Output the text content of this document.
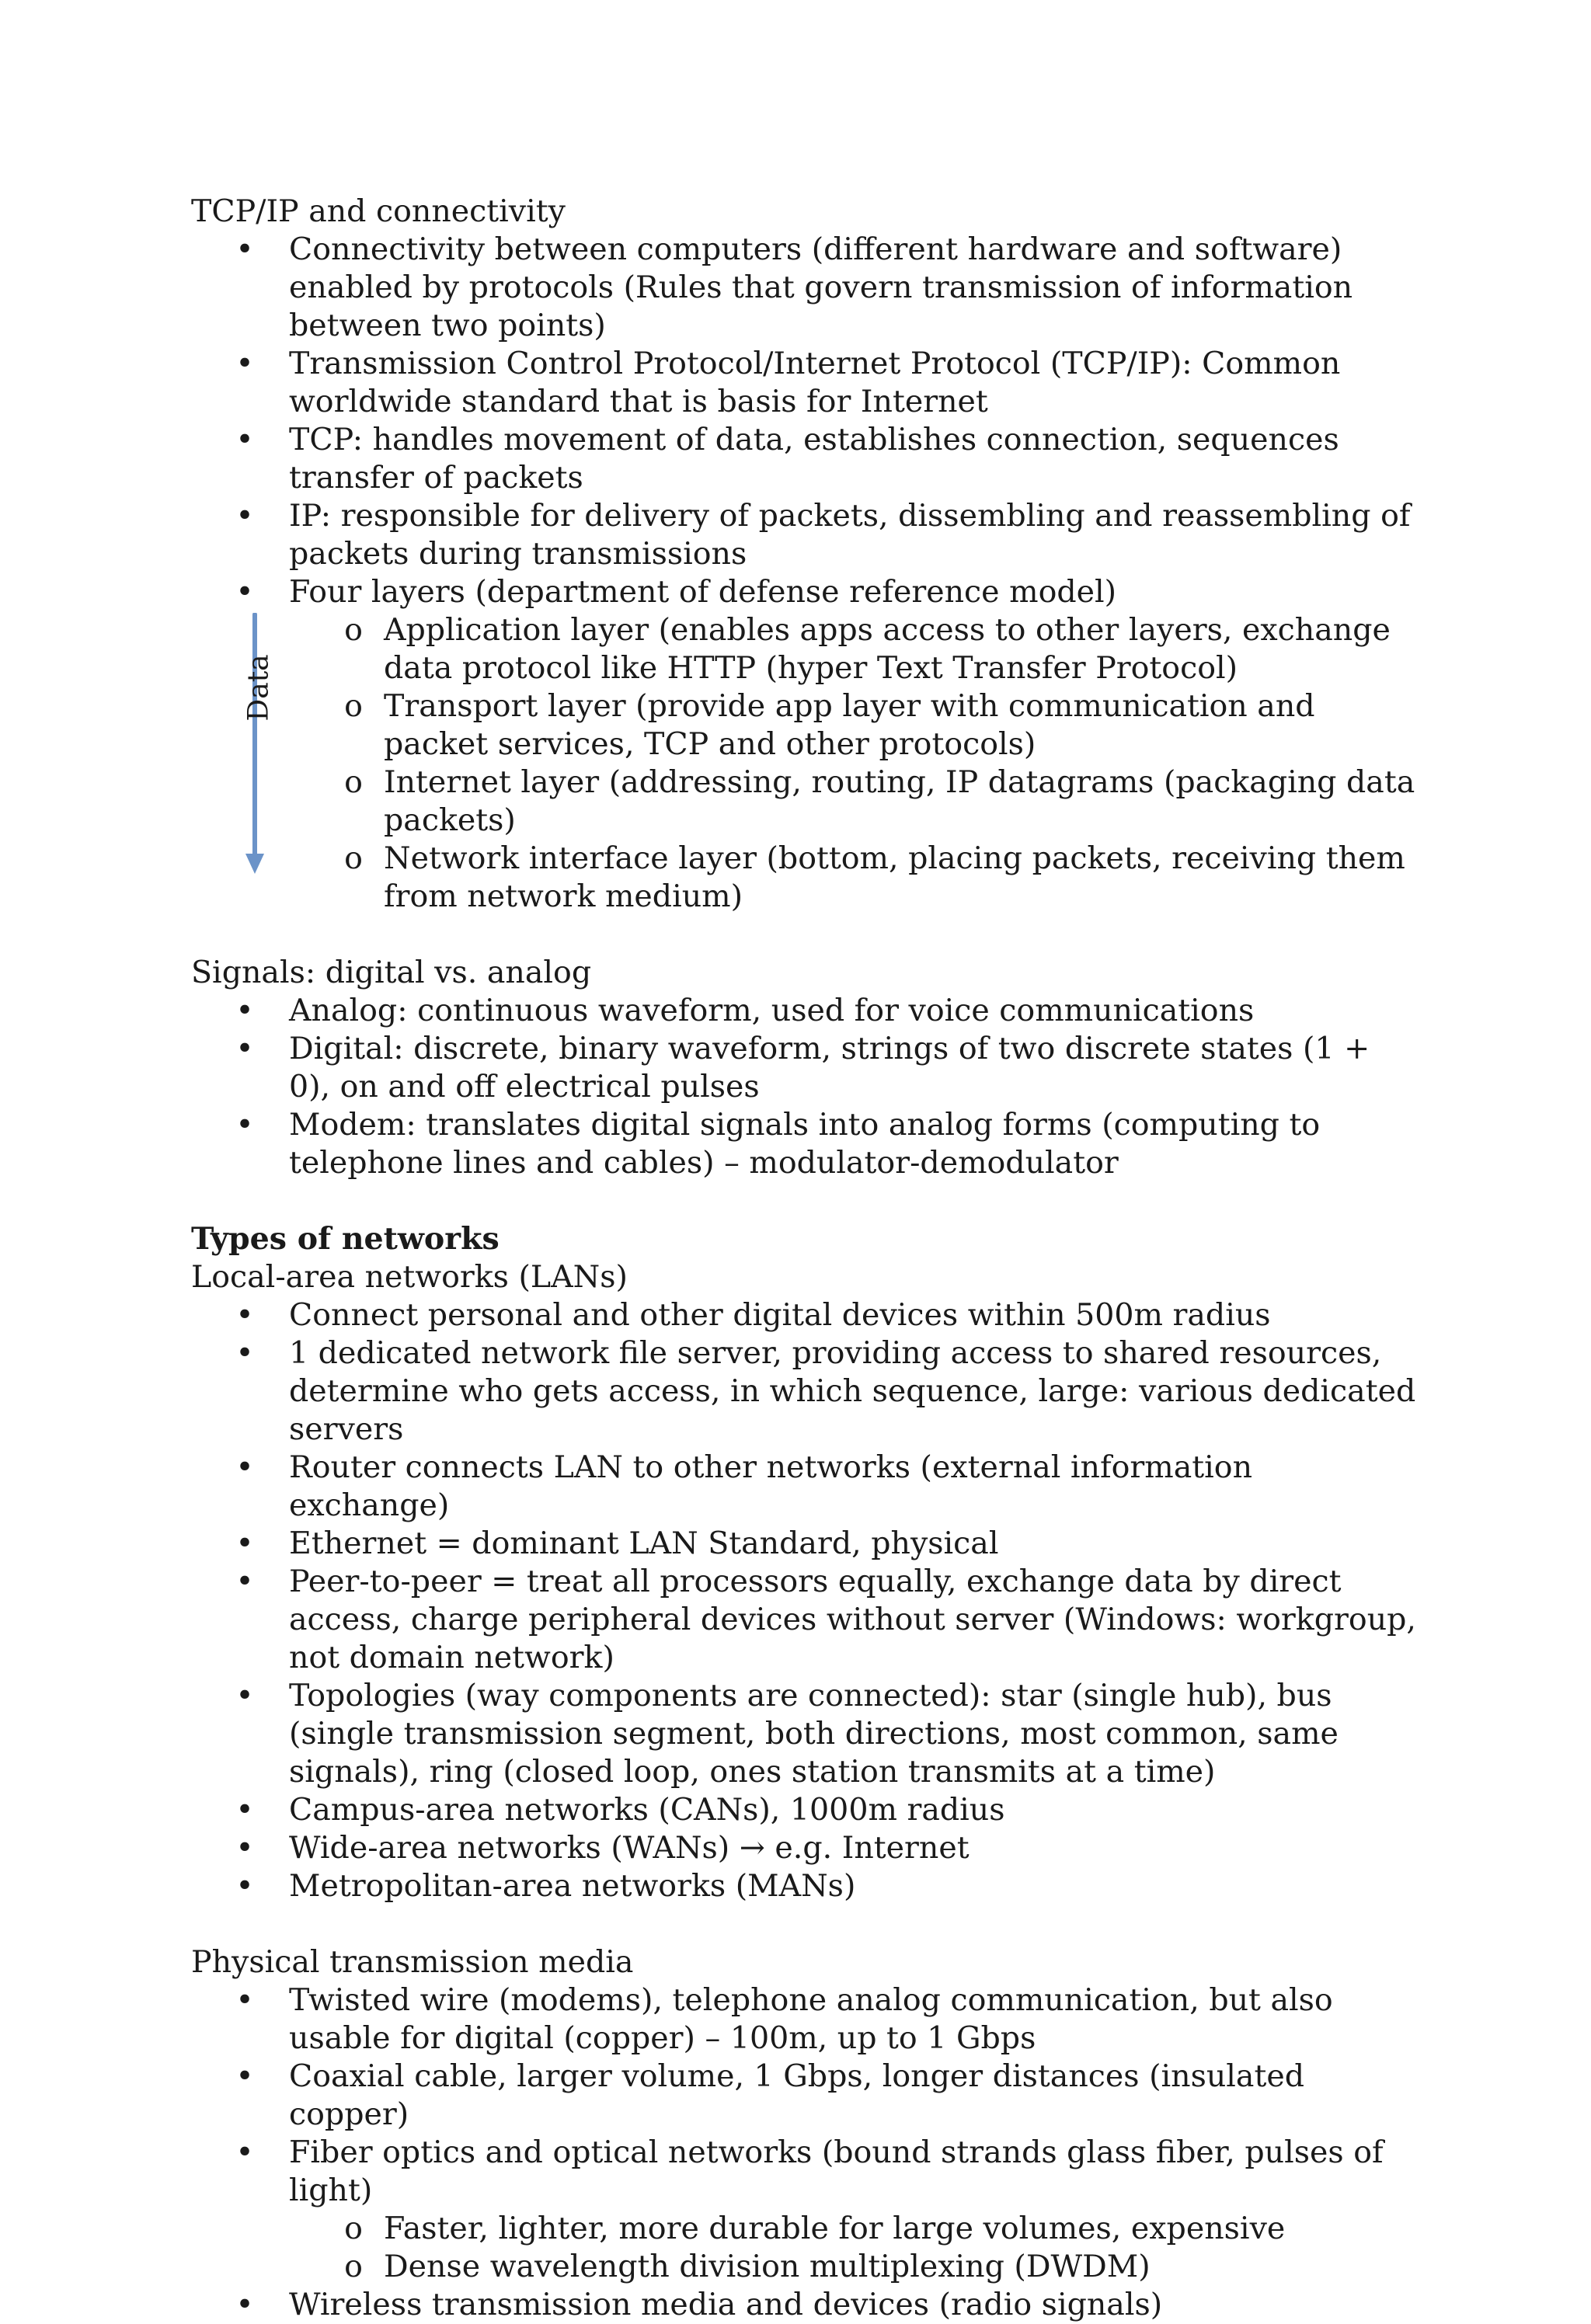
TCP/IP and connectivity

• Connectivity between computers (different hardware and software) enabled by protocols (Rules that govern transmission of information between two points)
• Transmission Control Protocol/Internet Protocol (TCP/IP): Common worldwide standard that is basis for Internet
• TCP: handles movement of data, establishes connection, sequences transfer of packets
• IP: responsible for delivery of packets, dissembling and reassembling of packets during transmissions
• Four layers (department of defense reference model)
o Application layer (enables apps access to other layers, exchange data protocol like HTTP (hyper Text Transfer Protocol)
o Transport layer (provide app layer with communication and packet services, TCP and other protocols)
o Internet layer (addressing, routing, IP datagrams (packaging data packets)
o Network interface layer (bottom, placing packets, receiving them from network medium)

Signals: digital vs. analog

• Analog: continuous waveform, used for voice communications
• Digital: discrete, binary waveform, strings of two discrete states (1 + 0), on and off electrical pulses
• Modem: translates digital signals into analog forms (computing to telephone lines and cables) – modulator-demodulator

Types of networks

Local-area networks (LANs)

• Connect personal and other digital devices within 500m radius
• 1 dedicated network file server, providing access to shared resources, determine who gets access, in which sequence, large: various dedicated servers
• Router connects LAN to other networks (external information exchange)
• Ethernet = dominant LAN Standard, physical
• Peer-to-peer = treat all processors equally, exchange data by direct access, charge peripheral devices without server (Windows: workgroup, not domain network)
• Topologies (way components are connected): star (single hub), bus (single transmission segment, both directions, most common, same signals), ring (closed loop, ones station transmits at a time)
• Campus-area networks (CANs), 1000m radius
• Wide-area networks (WANs) → e.g. Internet
• Metropolitan-area networks (MANs)

Physical transmission media

• Twisted wire (modems), telephone analog communication, but also usable for digital (copper) – 100m, up to 1 Gbps
• Coaxial cable, larger volume, 1 Gbps, longer distances (insulated copper)
• Fiber optics and optical networks (bound strands glass fiber, pulses of light)
o Faster, lighter, more durable for large volumes, expensive
o Dense wavelength division multiplexing (DWDM)
• Wireless transmission media and devices (radio signals)
Data
